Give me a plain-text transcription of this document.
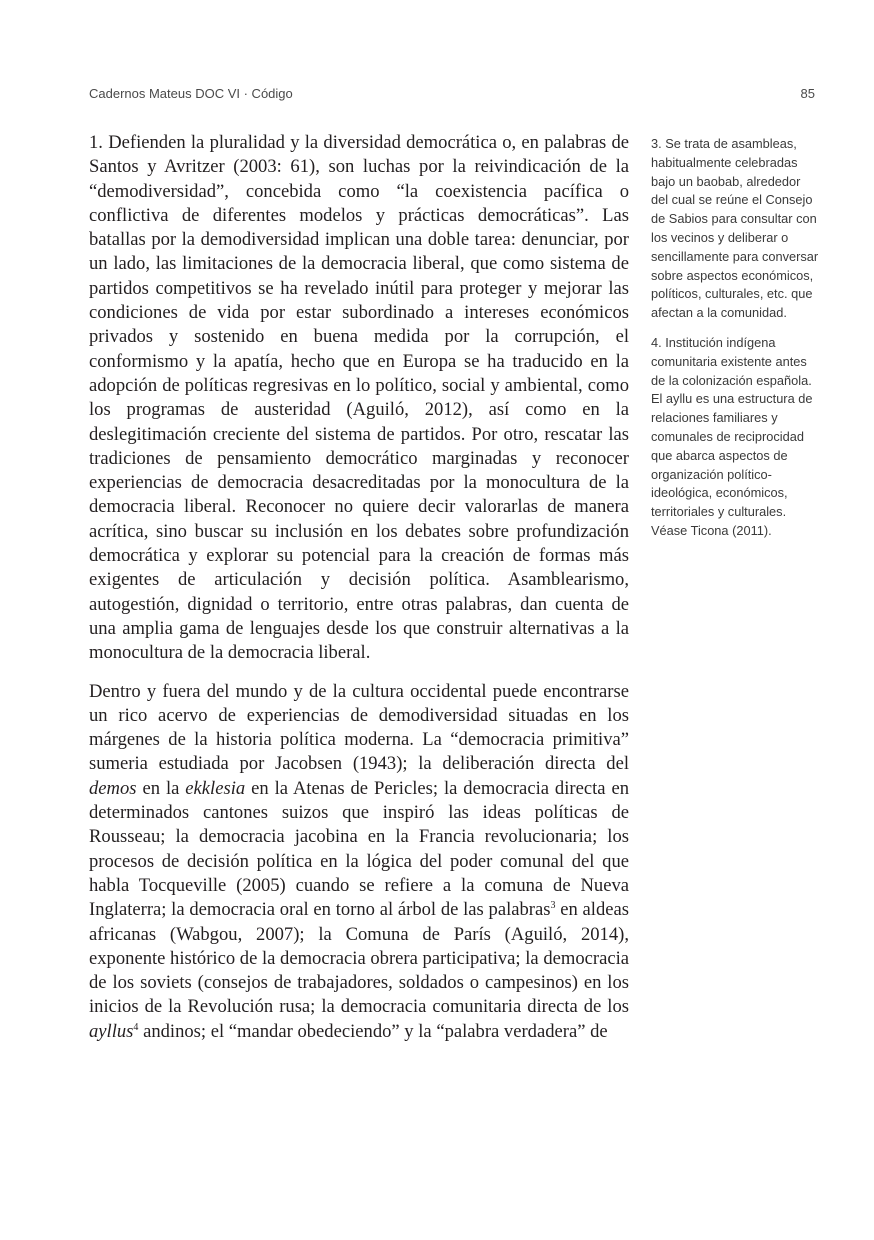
Cadernos Mateus DOC VI · Código	85

1. Defienden la pluralidad y la diversidad democrática o, en palabras de Santos y Avritzer (2003: 61), son luchas por la reivindicación de la “demodiversidad”, concebida como “la coexistencia pacífica o conflictiva de diferentes modelos y prácticas democráticas”. Las batallas por la demodiversidad implican una doble tarea: denunciar, por un lado, las limitaciones de la democracia liberal, que como sistema de partidos competitivos se ha revelado inútil para proteger y mejorar las condiciones de vida por estar subordinado a intereses económicos privados y sostenido en buena medida por la corrupción, el conformismo y la apatía, hecho que en Europa se ha traducido en la adopción de políticas regresivas en lo político, social y ambiental, como los programas de austeridad (Aguiló, 2012), así como en la deslegitimación creciente del sistema de partidos. Por otro, rescatar las tradiciones de pensamiento democrático marginadas y reconocer experiencias de democracia desacreditadas por la monocultura de la democracia liberal. Reconocer no quiere decir valorarlas de manera acrítica, sino buscar su inclusión en los debates sobre profundización democrática y explorar su potencial para la creación de formas más exigentes de articulación y decisión política. Asamblearismo, autogestión, dignidad o territorio, entre otras palabras, dan cuenta de una amplia gama de lenguajes desde los que construir alternativas a la monocultura de la democracia liberal.

Dentro y fuera del mundo y de la cultura occidental puede encontrarse un rico acervo de experiencias de demodiversidad situadas en los márgenes de la historia política moderna. La “democracia primitiva” sumeria estudiada por Jacobsen (1943); la deliberación directa del demos en la ekklesia en la Atenas de Pericles; la democracia directa en determinados cantones suizos que inspiró las ideas políticas de Rousseau; la democracia jacobina en la Francia revolucionaria; los procesos de decisión política en la lógica del poder comunal del que habla Tocqueville (2005) cuando se refiere a la comuna de Nueva Inglaterra; la democracia oral en torno al árbol de las palabras$^3$ en aldeas africanas (Wabgou, 2007); la Comuna de París (Aguiló, 2014), exponente histórico de la democracia obrera participativa; la democracia de los soviets (consejos de trabajadores, soldados o campesinos) en los inicios de la Revolución rusa; la democracia comunitaria directa de los ayllus$^4$ andinos; el “mandar obedeciendo” y la “palabra verdadera” de

3. Se trata de asambleas, habitualmente celebradas bajo un baobab, alrededor del cual se reúne el Consejo de Sabios para consultar con los vecinos y deliberar o sencillamente para conversar sobre aspectos económicos, políticos, culturales, etc. que afectan a la comunidad.

4. Institución indígena comunitaria existente antes de la colonización española. El ayllu es una estructura de relaciones familiares y comunales de reciprocidad que abarca aspectos de organización político-ideológica, económicos, territoriales y culturales. Véase Ticona (2011).
